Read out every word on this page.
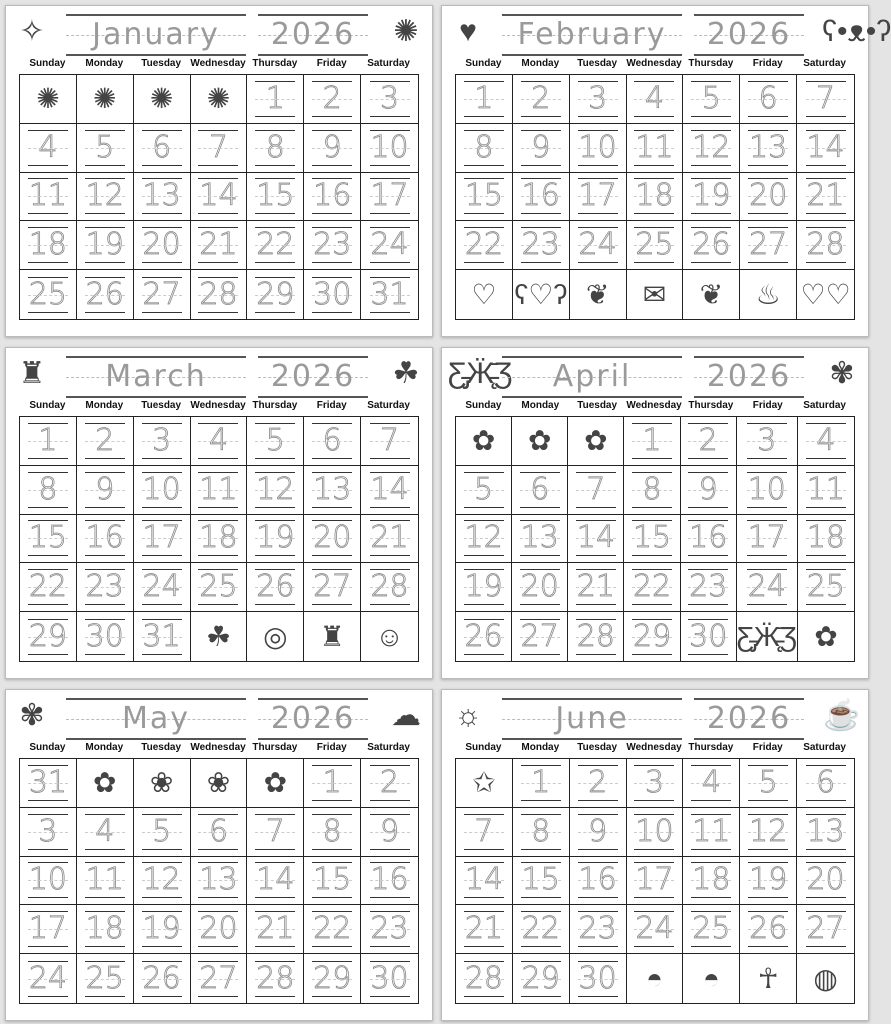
✧	✺
January	2026
Sunday	Monday	Tuesday Wednesday Thursday	Friday	Saturday
✺ ✺ ✺ ✺	1	2	3
4	5	6	7	8	9 10
11 12 13 14 15 16 17
18 19 20 21 22 23 24
25 26 27 28 29 30 31
♥	ʕ•ᴥ•ʔ
February	2026
Sunday	Monday	Tuesday Wednesday Thursday	Friday	Saturday
1	2	3	4	5	6	7
8	9 10 11 12 13 14
15 16 17 18 19 20 21
22 23 24 25 26 27 28
♡ ʕ♡ʔ ❦ ✉ ❦ ♨ ♡♡
♜	☘
March	2026
Sunday	Monday	Tuesday Wednesday Thursday	Friday	Saturday
1	2	3	4	5	6	7
8	9 10 11 12 13 14
15 16 17 18 19 20 21
22 23 24 25 26 27 28
29 30 31 ☘ ◎ ♜ ☺
Ƹ̵̡Ӝ̵̨̄Ʒ	✾
April	2026
Sunday	Monday	Tuesday Wednesday Thursday	Friday	Saturday
✿ ✿ ✿	1	2	3	4
5	6	7	8	9 10 11
12 13 14 15 16 17 18
19 20 21 22 23 24 25
26 27 28 29 30 Ƹ̵̡Ӝ̵̨̄Ʒ ✿
✾	☁
May	2026
Sunday	Monday	Tuesday Wednesday Thursday	Friday	Saturday
31 ✿ ❀ ❀ ✿	1	2
3	4	5	6	7	8	9
10 11 12 13 14 15 16
17 18 19 20 21 22 23
24 25 26 27 28 29 30
☼	☕
June	2026
Sunday	Monday	Tuesday Wednesday Thursday	Friday	Saturday
✩	1	2	3	4	5	6
7	8	9 10 11 12 13
14 15 16 17 18 19 20
21 22 23 24 25 26 27
28 29 30 ◓ ◓ ☥ ◍
